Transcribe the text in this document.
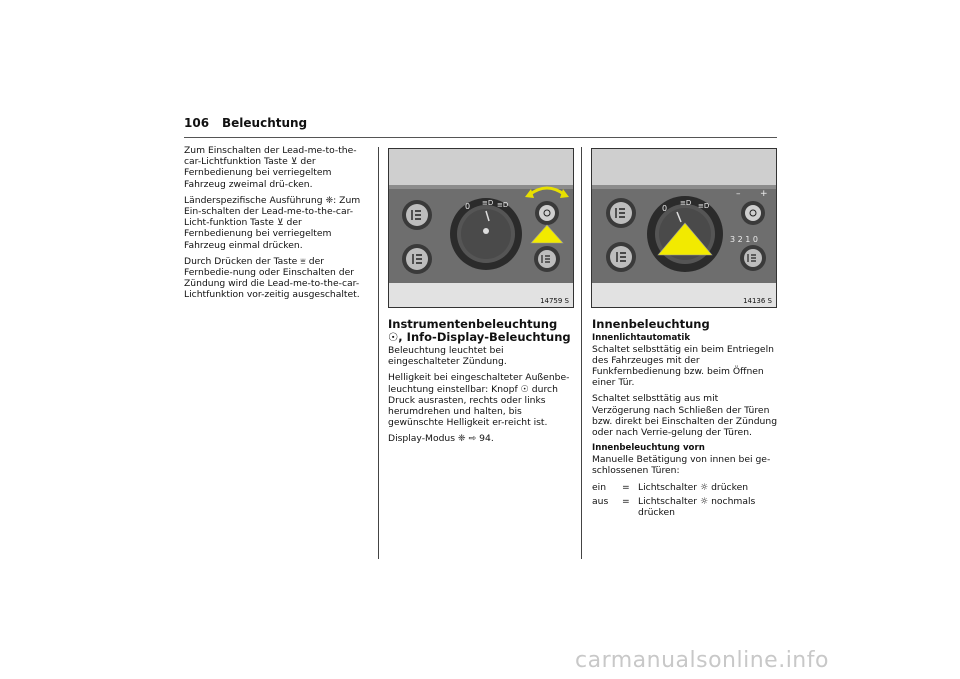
106 Beleuchtung

Zum Einschalten der Lead-me-to-the-car-Lichtfunktion Taste ⊻ der Fernbedienung bei verriegeltem Fahrzeug zweimal drü-cken.

Länderspezifische Ausführung ❈: Zum Ein-schalten der Lead-me-to-the-car-Licht-funktion Taste ⊻ der Fernbedienung bei verriegeltem Fahrzeug einmal drücken.

Durch Drücken der Taste ⩸ der Fernbedie-nung oder Einschalten der Zündung wird die Lead-me-to-the-car-Lichtfunktion vor-zeitig ausgeschaltet.

0 ≡D ≡D
14759 S
0
≡D ≡D
– +
3 2 1 0
14136 S
Instrumentenbeleuchtung ☉, Info-Display-Beleuchtung

Beleuchtung leuchtet bei eingeschalteter Zündung.

Helligkeit bei eingeschalteter Außenbe-leuchtung einstellbar: Knopf ☉ durch Druck ausrasten, rechts oder links herumdrehen und halten, bis gewünschte Helligkeit er-reicht ist.

Display-Modus ❈ ⇨ 94.

Innenbeleuchtung
Innenlichtautomatik

Schaltet selbsttätig ein beim Entriegeln des Fahrzeuges mit der Funkfernbedienung bzw. beim Öffnen einer Tür.

Schaltet selbsttätig aus mit Verzögerung nach Schließen der Türen bzw. direkt bei Einschalten der Zündung oder nach Verrie-gelung der Türen.

Innenbeleuchtung vorn

Manuelle Betätigung von innen bei ge-schlossenen Türen:

ein	= Lichtschalter ☼ drücken
aus	= Lichtschalter ☼ nochmals drücken
carmanualsonline.info
